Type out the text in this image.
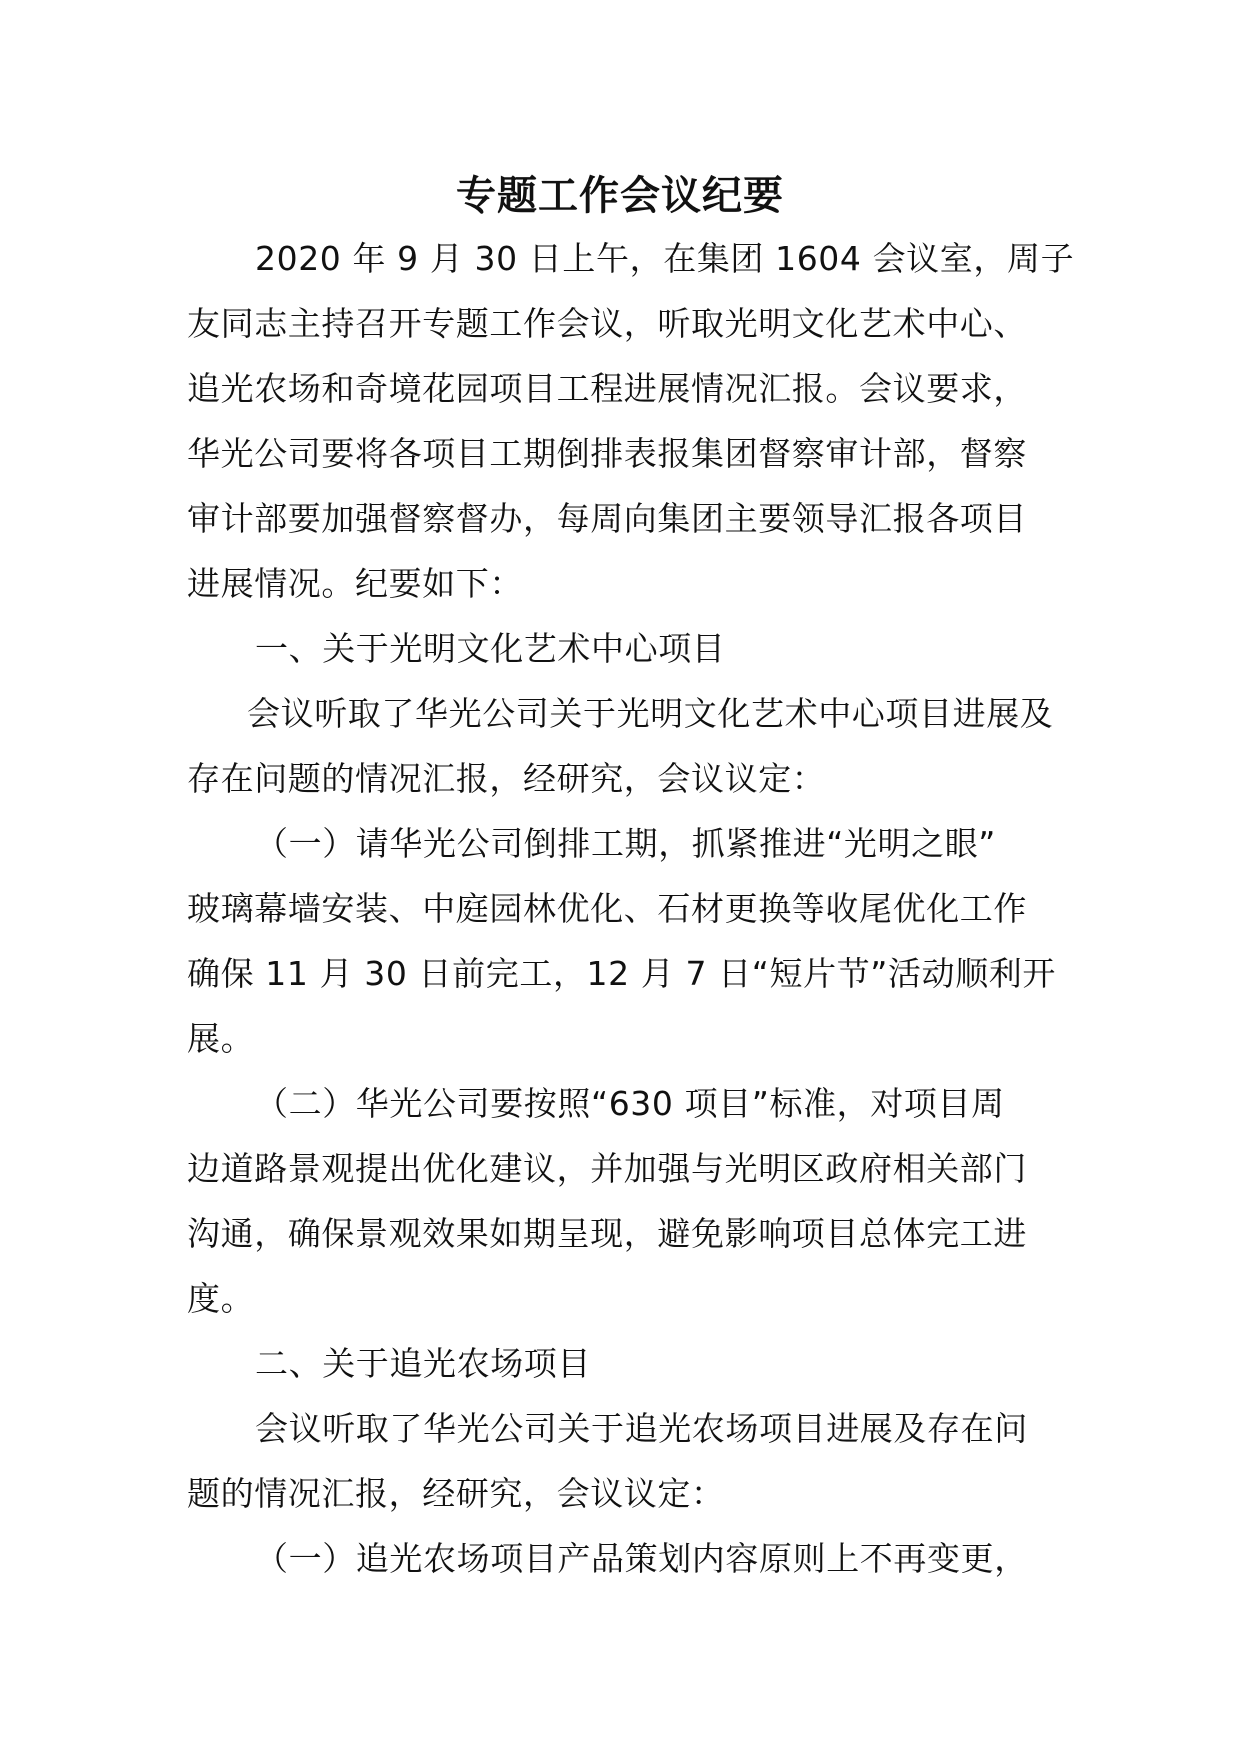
专题工作会议纪要
2020 年 9 月 30 日上午，在集团 1604 会议室，周子
友同志主持召开专题工作会议，听取光明文化艺术中心、
追光农场和奇境花园项目工程进展情况汇报。会议要求，
华光公司要将各项目工期倒排表报集团督察审计部，督察
审计部要加强督察督办，每周向集团主要领导汇报各项目
进展情况。纪要如下：
一、关于光明文化艺术中心项目
会议听取了华光公司关于光明文化艺术中心项目进展及
存在问题的情况汇报，经研究，会议议定：
（一）请华光公司倒排工期，抓紧推进“光明之眼”
玻璃幕墙安装、中庭园林优化、石材更换等收尾优化工作
确保 11 月 30 日前完工，12 月 7 日“短片节”活动顺利开
展。
（二）华光公司要按照“630 项目”标准，对项目周
边道路景观提出优化建议，并加强与光明区政府相关部门
沟通，确保景观效果如期呈现，避免影响项目总体完工进
度。
二、关于追光农场项目
会议听取了华光公司关于追光农场项目进展及存在问
题的情况汇报，经研究，会议议定：
（一）追光农场项目产品策划内容原则上不再变更，
